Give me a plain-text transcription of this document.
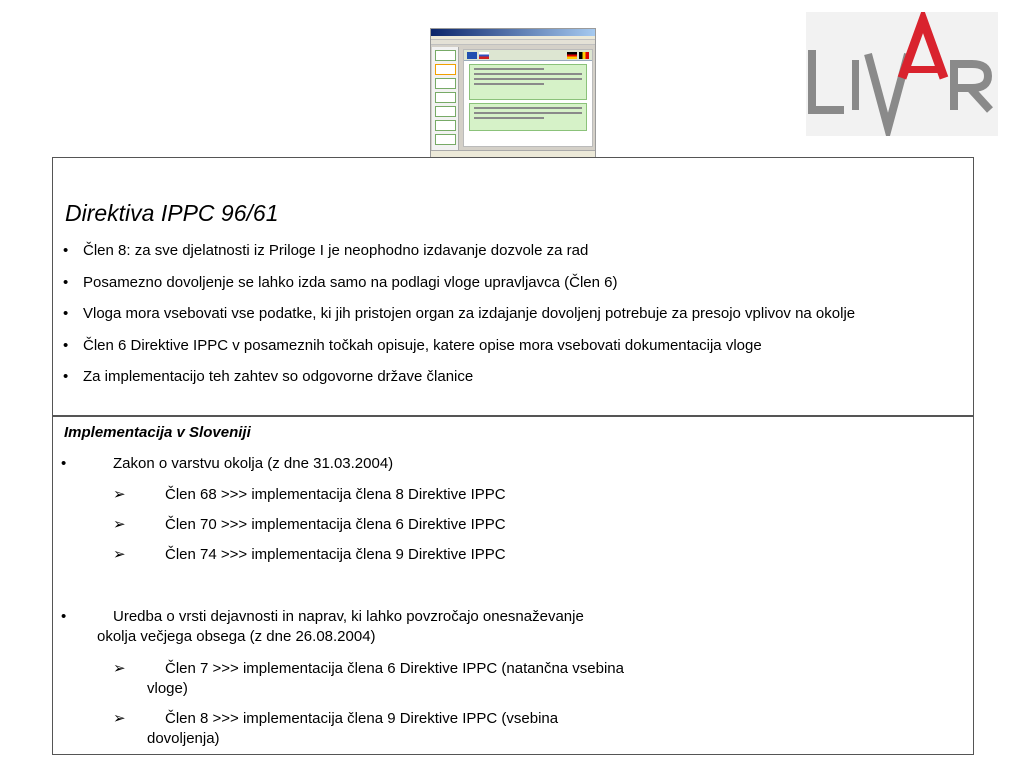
Direktiva IPPC 96/61
• Člen 8: za sve djelatnosti iz Priloge I je neophodno izdavanje dozvole za rad
• Posamezno dovoljenje se lahko izda samo na podlagi vloge upravljavca (Člen 6)
• Vloga mora vsebovati vse podatke, ki jih pristojen organ za izdajanje dovoljenj potrebuje za presojo vplivov na okolje
• Člen 6 Direktive IPPC v posameznih točkah opisuje, katere opise mora vsebovati dokumentacija vloge
• Za implementacijo teh zahtev so odgovorne države članice
Implementacija v Sloveniji
•	Zakon o varstvu okolja (z dne 31.03.2004)
➢	Člen 68 >>> implementacija člena 8 Direktive IPPC
➢	Člen 70 >>> implementacija člena 6 Direktive IPPC
➢	Člen 74 >>> implementacija člena 9 Direktive IPPC
•	Uredba o vrsti dejavnosti in naprav, ki lahko povzročajo onesnaževanje
okolja večjega obsega (z dne 26.08.2004)
➢	Člen 7 >>> implementacija člena 6 Direktive IPPC (natančna vsebina
vloge)
➢	Člen 8 >>> implementacija člena 9 Direktive IPPC (vsebina
dovoljenja)
